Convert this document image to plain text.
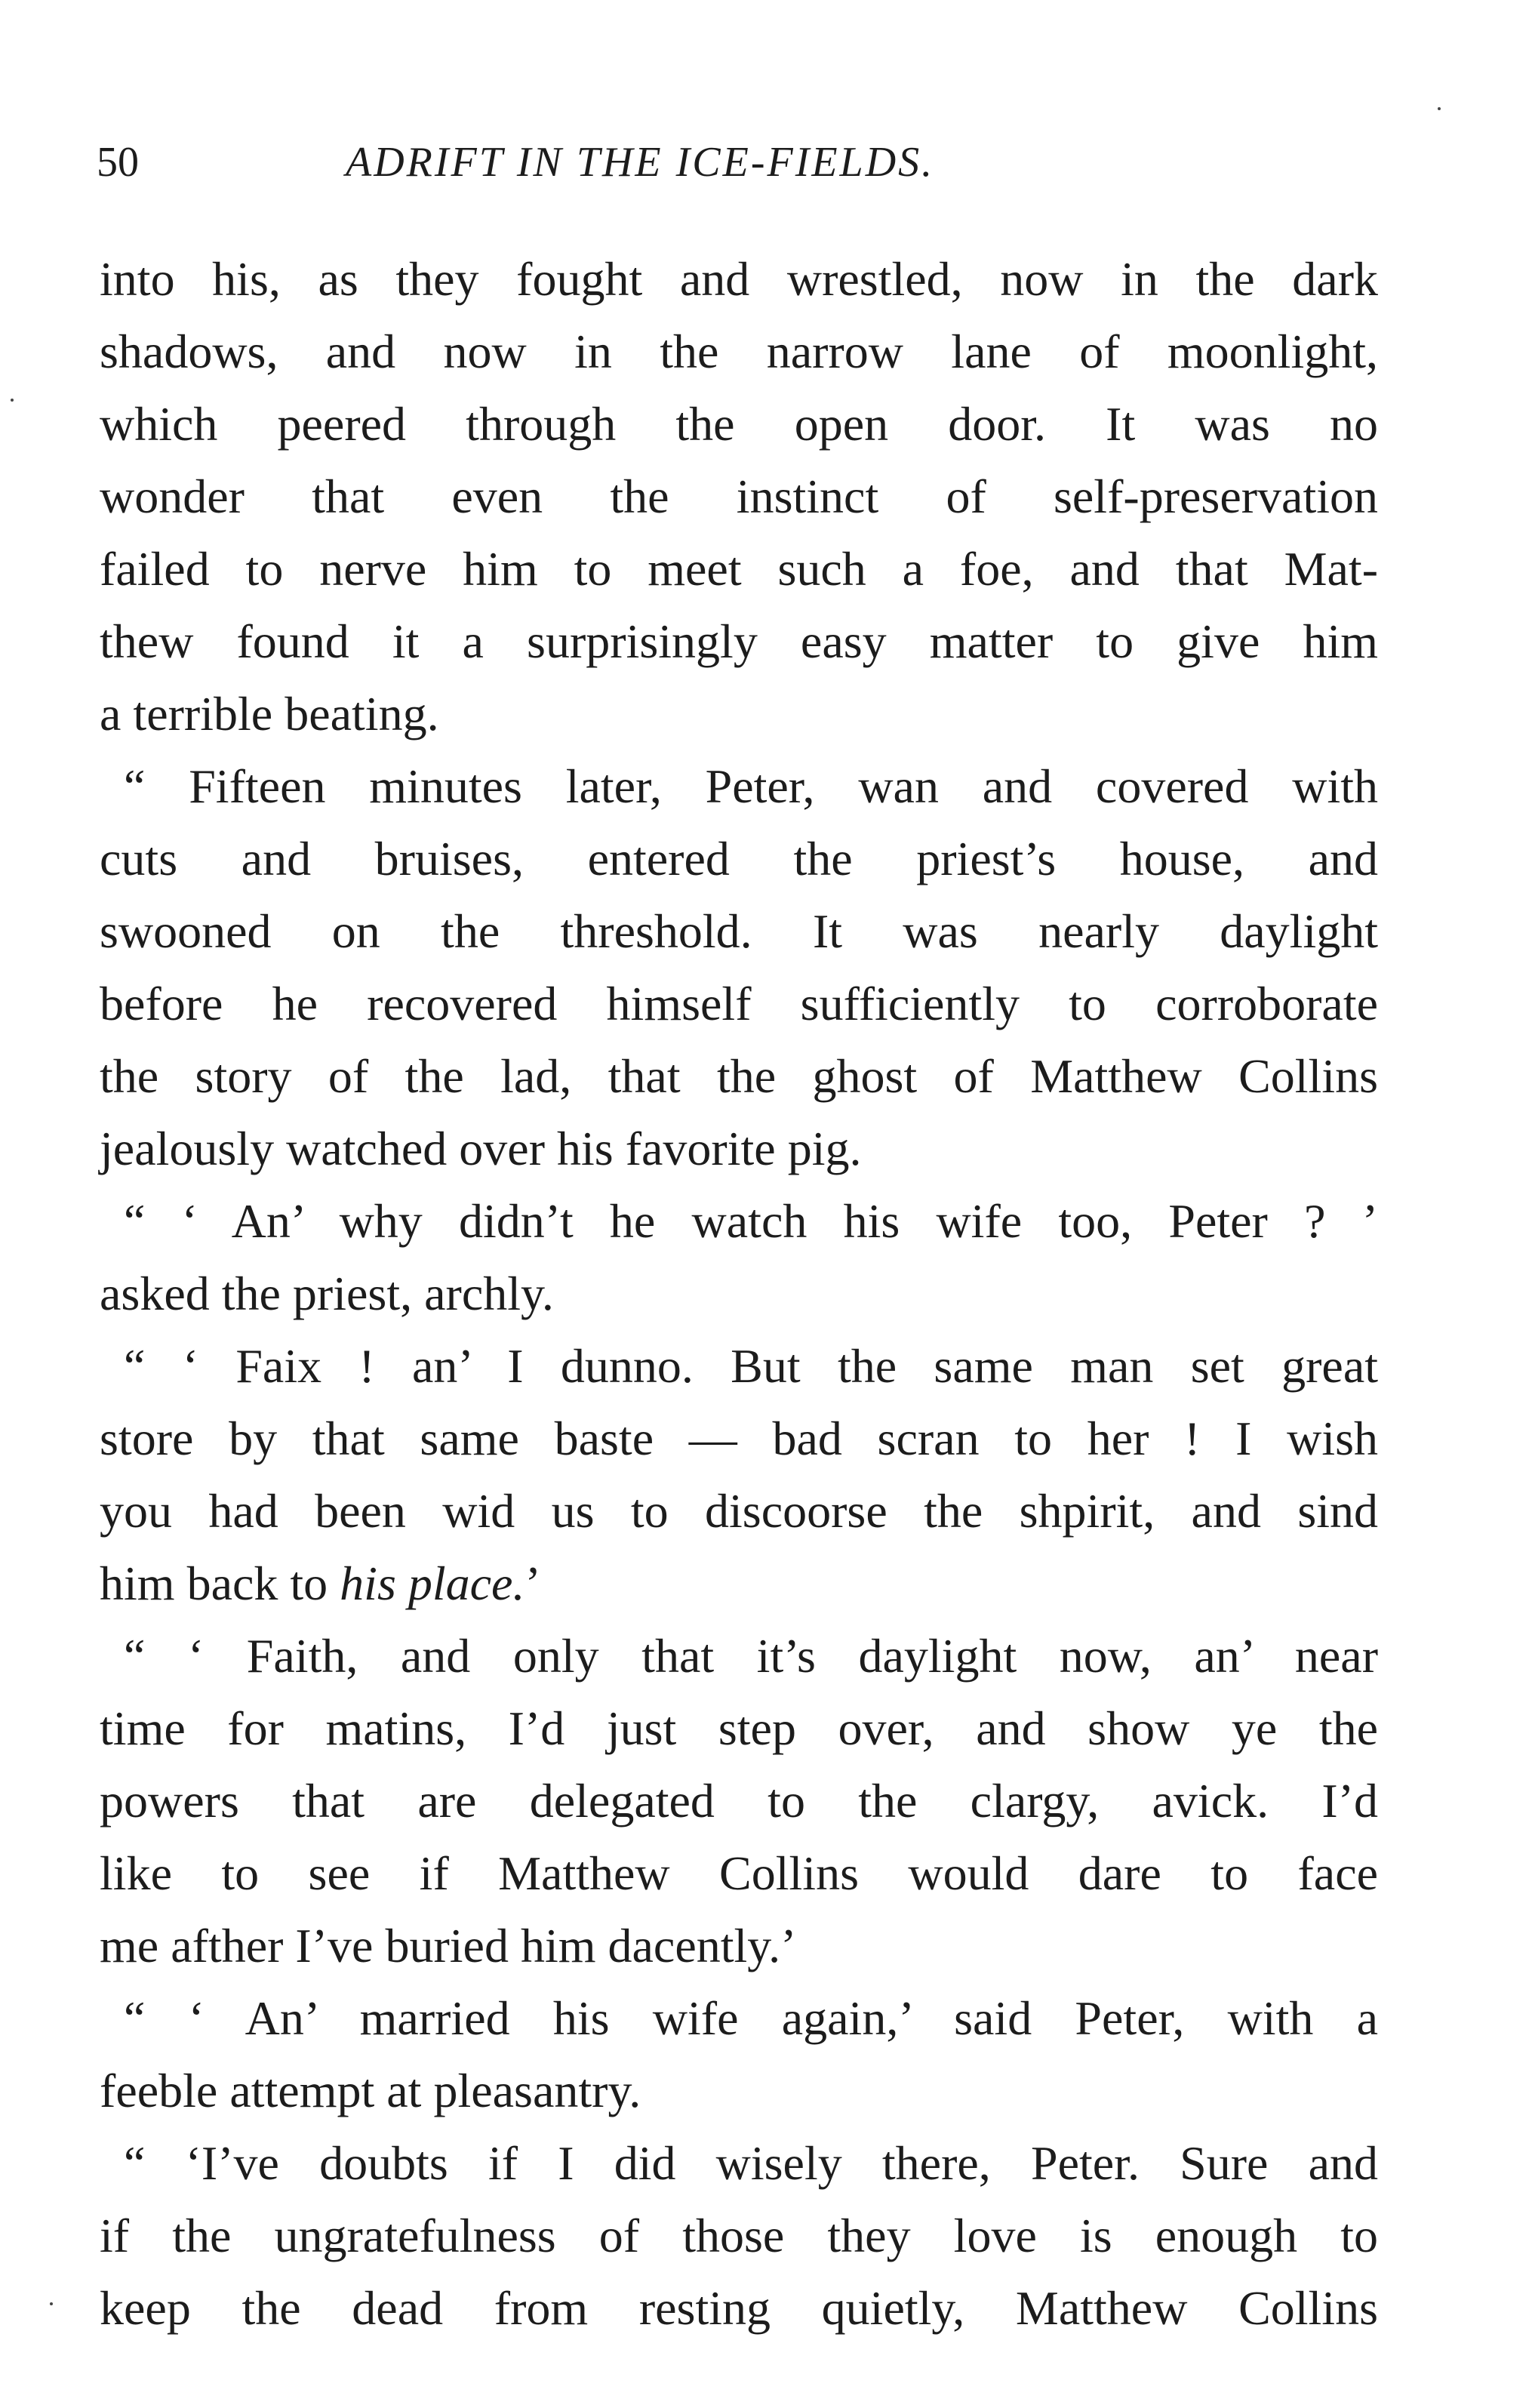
50	ADRIFT IN THE ICE-FIELDS.
into his, as they fought and wrestled, now in the dark
shadows, and now in the narrow lane of moonlight,
which peered through the open door. It was no
wonder that even the instinct of self-preservation
failed to nerve him to meet such a foe, and that Mat-
thew found it a surprisingly easy matter to give him
a terrible beating.
“ Fifteen minutes later, Peter, wan and covered with
cuts and bruises, entered the priest’s house, and
swooned on the threshold. It was nearly daylight
before he recovered himself sufficiently to corroborate
the story of the lad, that the ghost of Matthew Collins
jealously watched over his favorite pig.
“ ‘ An’ why didn’t he watch his wife too, Peter ? ’
asked the priest, archly.
“ ‘ Faix ! an’ I dunno. But the same man set great
store by that same baste — bad scran to her ! I wish
you had been wid us to discoorse the shpirit, and sind
him back to his place.’
“ ‘ Faith, and only that it’s daylight now, an’ near
time for matins, I’d just step over, and show ye the
powers that are delegated to the clargy, avick. I’d
like to see if Matthew Collins would dare to face
me afther I’ve buried him dacently.’
“ ‘ An’ married his wife again,’ said Peter, with a
feeble attempt at pleasantry.
“ ‘I’ve doubts if I did wisely there, Peter. Sure and
if the ungratefulness of those they love is enough to
keep the dead from resting quietly, Matthew Collins
